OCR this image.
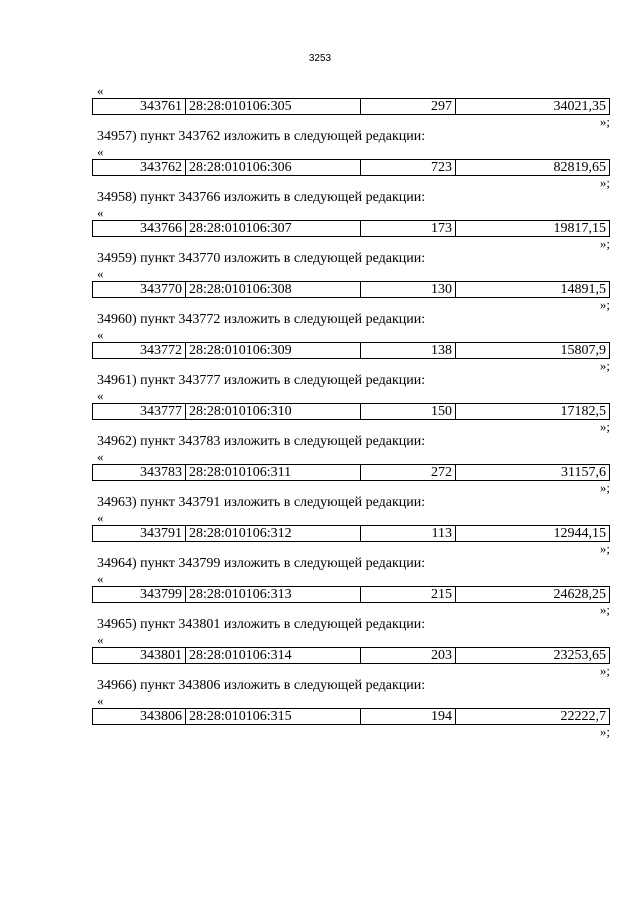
3253
«
343761	28:28:010106:305	297	34021,35
»;
34957) пункт 343762 изложить в следующей редакции:
«
343762	28:28:010106:306	723	82819,65
»;
34958) пункт 343766 изложить в следующей редакции:
«
343766	28:28:010106:307	173	19817,15
»;
34959) пункт 343770 изложить в следующей редакции:
«
343770	28:28:010106:308	130	14891,5
»;
34960) пункт 343772 изложить в следующей редакции:
«
343772	28:28:010106:309	138	15807,9
»;
34961) пункт 343777 изложить в следующей редакции:
«
343777	28:28:010106:310	150	17182,5
»;
34962) пункт 343783 изложить в следующей редакции:
«
343783	28:28:010106:311	272	31157,6
»;
34963) пункт 343791 изложить в следующей редакции:
«
343791	28:28:010106:312	113	12944,15
»;
34964) пункт 343799 изложить в следующей редакции:
«
343799	28:28:010106:313	215	24628,25
»;
34965) пункт 343801 изложить в следующей редакции:
«
343801	28:28:010106:314	203	23253,65
»;
34966) пункт 343806 изложить в следующей редакции:
«
343806	28:28:010106:315	194	22222,7
»;
